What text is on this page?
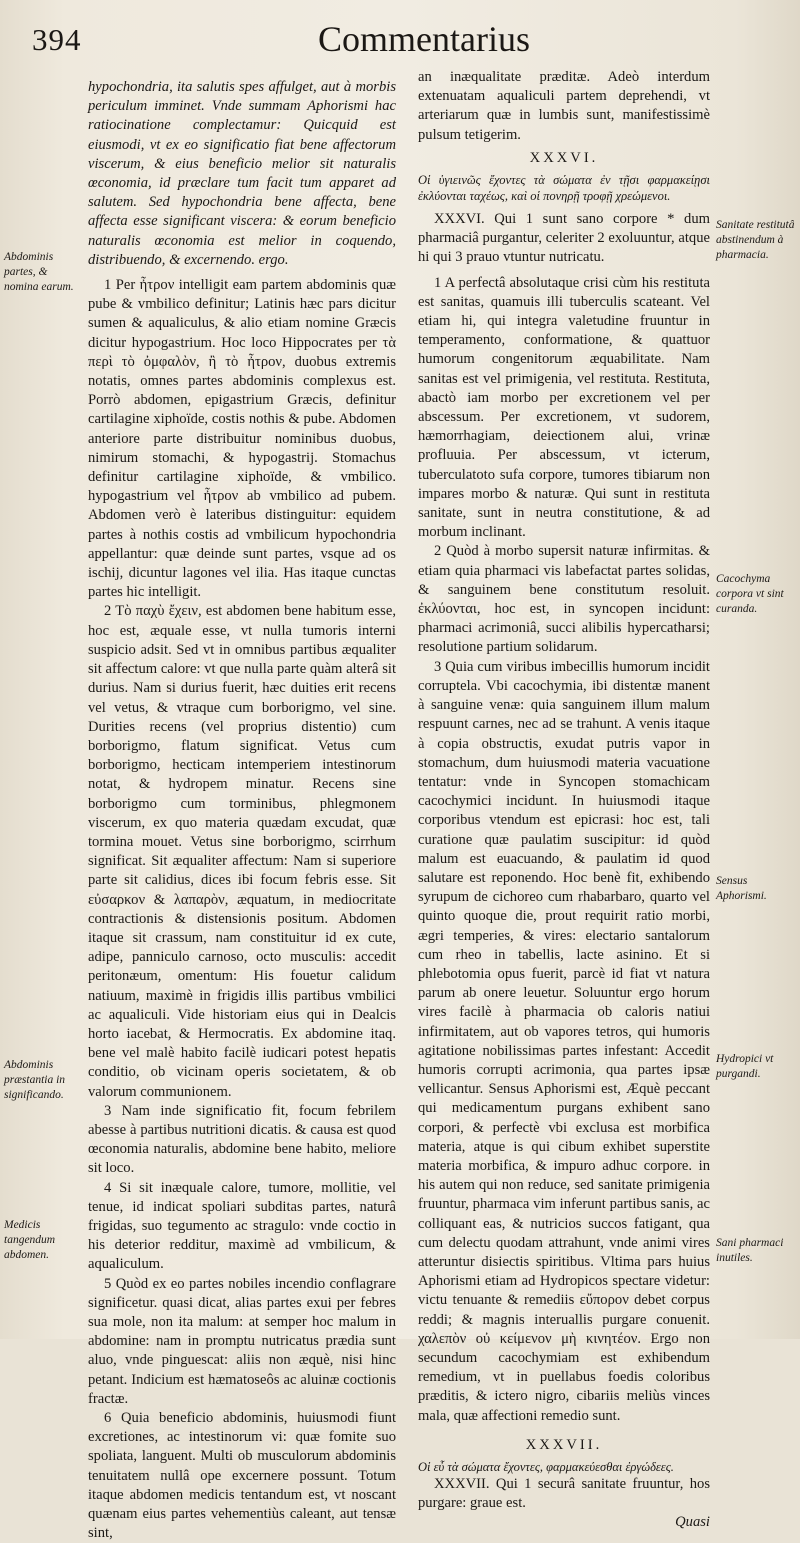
394	Commentarius

hypochondria, ita salutis spes affulget, aut à morbis periculum imminet. Vnde summam Aphorismi hac ratiocinatione complectamur: Quicquid est eiusmodi, vt ex eo significatio fiat bene affectorum viscerum, & eius beneficio melior sit naturalis œconomia, id præclare tum facit tum apparet ad salutem. Sed hypochondria bene affecta, bene affecta esse significant viscera: & eorum beneficio naturalis œconomia est melior in coquendo, distribuendo, & excernendo. ergo.

1 Per ἦτρον intelligit eam partem abdominis quæ pube & vmbilico definitur; Latinis hæc pars dicitur sumen & aqualiculus, & alio etiam nomine Græcis dicitur hypogastrium. Hoc loco Hippocrates per τὰ περὶ τὸ ὀμφαλὸν, ἢ τὸ ἦτρον, duobus extremis notatis, omnes partes abdominis complexus est. Porrò abdomen, epigastrium Græcis, definitur cartilagine xiphoïde, costis nothis & pube. Abdomen anteriore parte distribuitur nominibus duobus, nimirum stomachi, & hypogastrij. Stomachus definitur cartilagine xiphoïde, & vmbilico. hypogastrium vel ἦτρον ab vmbilico ad pubem. Abdomen verò è lateribus distinguitur: equidem partes à nothis costis ad vmbilicum hypochondria appellantur: quæ deinde sunt partes, vsque ad os ischij, dicuntur lagones vel ilia. Has itaque cunctas partes hic intelligit.

2 Τὸ παχὺ ἔχειν, est abdomen bene habitum esse, hoc est, æquale esse, vt nulla tumoris interni suspicio adsit. Sed vt in omnibus partibus æqualiter sit affectum calore: vt que nulla parte quàm alterâ sit durius. Nam si durius fuerit, hæc duities erit recens vel vetus, & vtraque cum borborigmo, vel sine. Durities recens (vel proprius distentio) cum borborigmo, flatum significat. Vetus cum borborigmo, hecticam intemperiem intestinorum notat, & hydropem minatur. Recens sine borborigmo cum torminibus, phlegmonem viscerum, ex quo materia quædam excudat, quæ tormina mouet. Vetus sine borborigmo, scirrhum significat. Sit æqualiter affectum: Nam si superiore parte sit calidius, dices ibi focum febris esse. Sit εὐσαρκον & λαπαρὸν, æquatum, in mediocritate contractionis & distensionis positum. Abdomen itaque sit crassum, nam constituitur id ex cute, adipe, panniculo carnoso, octo musculis: accedit peritonæum, omentum: His fouetur calidum natiuum, maximè in frigidis illis partibus vmbilici ac aqualiculi. Vide historiam eius qui in Dealcis horto iacebat, & Hermocratis. Ex abdomine itaq. bene vel malè habito facilè iudicari potest hepatis conditio, ob vicinam operis societatem, & ob valorum communionem.

3 Nam inde significatio fit, focum febrilem abesse à partibus nutritioni dicatis. & causa est quod œconomia naturalis, abdomine bene habito, meliore sit loco.

4 Si sit inæquale calore, tumore, mollitie, vel tenue, id indicat spoliari subditas partes, naturâ frigidas, suo tegumento ac stragulo: vnde coctio in his deterior redditur, maximè ad vmbilicum, & aqualiculum.

5 Quòd ex eo partes nobiles incendio conflagrare significetur. quasi dicat, alias partes exui per febres sua mole, non ita malum: at semper hoc malum in abdomine: nam in promptu nutricatus prædia sunt aluo, vnde pinguescat: aliis non æquè, nisi hinc petant. Indicium est hæmatoseôs ac aluinæ coctionis fractæ.

6 Quia beneficio abdominis, huiusmodi fiunt excretiones, ac intestinorum vi: quæ fomite suo spoliata, languent. Multi ob musculorum abdominis tenuitatem nullâ ope excernere possunt. Totum itaque abdomen medicis tentandum est, vt noscant quænam eius partes vehementiùs caleant, aut tensæ sint,

an inæqualitate præditæ. Adeò interdum extenuatam aqualiculi partem deprehendi, vt arteriarum quæ in lumbis sunt, manifestissimè pulsum tetigerim.

XXXVI.

Οἱ ὑγιεινῶς ἔχοντες τὰ σώματα ἐν τῇσι φαρμακείῃσι ἐκλύονται ταχέως, καὶ οἱ πονηρῇ τροφῇ χρεώμενοι.

XXXVI. Qui 1 sunt sano corpore * dum pharmaciâ purgantur, celeriter 2 exoluuntur, atque hi qui 3 prauo vtuntur nutricatu.

1 A perfectâ absolutaque crisi cùm his restituta est sanitas, quamuis illi tuberculis scateant. Vel etiam hi, qui integra valetudine fruuntur in temperamento, conformatione, & quattuor humorum congenitorum æquabilitate. Nam sanitas est vel primigenia, vel restituta. Restituta, abactò iam morbo per excretionem vel per abscessum. Per excretionem, vt sudorem, hæmorrhagiam, deiectionem alui, vrinæ profluuia. Per abscessum, vt icterum, tuberculatoto sufa corpore, tumores tibiarum non impares morbo & naturæ. Qui sunt in restituta sanitate, sunt in neutra constitutione, & ad morbum inclinant.

2 Quòd à morbo supersit naturæ infirmitas. & etiam quia pharmaci vis labefactat partes solidas, & sanguinem bene constitutum resoluit. ἐκλύονται, hoc est, in syncopen incidunt: pharmaci acrimoniâ, succi alibilis hypercatharsi; resolutione partium solidarum.

3 Quia cum viribus imbecillis humorum incidit corruptela. Vbi cacochymia, ibi distentæ manent à sanguine venæ: quia sanguinem illum malum respuunt carnes, nec ad se trahunt. A venis itaque à copia obstructis, exudat putris vapor in stomachum, dum huiusmodi materia vacuatione tentatur: vnde in Syncopen stomachicam cacochymici incidunt. In huiusmodi itaque corporibus vtendum est epicrasi: hoc est, tali curatione quæ paulatim suscipitur: id quòd malum est euacuando, & paulatim id quod salutare est reponendo. Hoc benè fit, exhibendo syrupum de cichoreo cum rhabarbaro, quarto vel quinto quoque die, prout requirit ratio morbi, ægri temperies, & vires: electario santalorum cum rheo in tabellis, lacte asinino. Et si phlebotomia opus fuerit, parcè id fiat vt natura parum ab onere leuetur. Soluuntur ergo horum vires facilè à pharmacia ob caloris natiui infirmitatem, aut ob vapores tetros, qui humoris agitatione nobilissimas partes infestant: Accedit humoris corrupti acrimonia, qua partes ipsæ vellicantur. Sensus Aphorismi est, Æquè peccant qui medicamentum purgans exhibent sano corpori, & perfectè vbi exclusa est morbifica materia, atque is qui cibum exhibet superstite materia morbifica, & impuro adhuc corpore. in his autem qui non reduce, sed sanitate primigenia fruuntur, pharmaca vim inferunt partibus sanis, ac colliquant eas, & nutricios succos fatigant, qua cum delectu quodam attrahunt, vnde animi vires atteruntur disiectis spiritibus. Vltima pars huius Aphorismi etiam ad Hydropicos spectare videtur: victu tenuante & remediis εὔπορον debet corpus reddi; & magnis interuallis purgare conuenit. χαλεπὸν οὐ κείμενον μὴ κινητέον. Ergo non secundum cacochymiam est exhibendum remedium, vt in puellabus foedis coloribus præditis, & ictero nigro, cibariis meliùs vinces mala, quæ affectioni remedio sunt.

XXXVII.

Οἱ εὖ τὰ σώματα ἔχοντες, φαρμακεύεσθαι ἐργώδεες.

XXXVII. Qui 1 securâ sanitate fruuntur, hos purgare: graue est.

Quasi

Abdominis partes, & nomina earum.
Abdominis præstantia in significando.
Medicis tangendum abdomen.
Sanitate restitutâ abstinendum à pharmacia.
Cacochyma corpora vt sint curanda.
Sensus Aphorismi.
Hydropici vt purgandi.
Sani pharmaci inutiles.
